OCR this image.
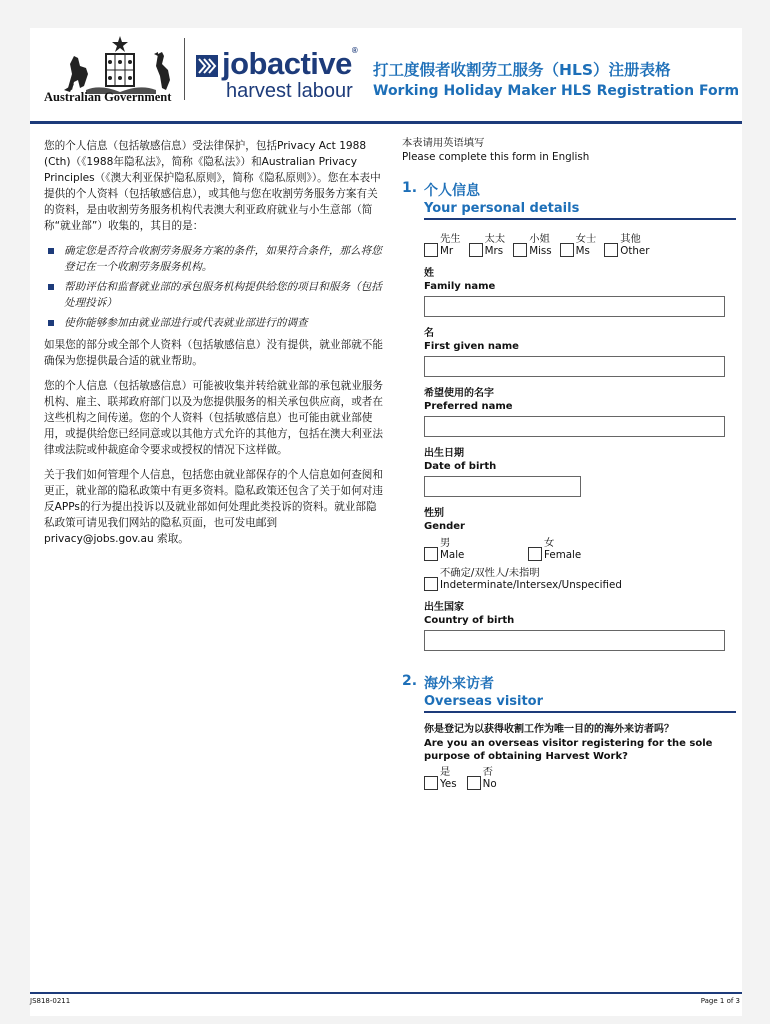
Australian Government
jobactive®
harvest labour
打工度假者收割劳工服务（HLS）注册表格
Working Holiday Maker HLS Registration Form

您的个人信息（包括敏感信息）受法律保护，包括Privacy Act 1988 (Cth)（《1988年隐私法》，简称《隐私法》）和Australian Privacy Principles（《澳大利亚保护隐私原则》，简称《隐私原则》）。您在本表中提供的个人资料（包括敏感信息），或其他与您在收割劳务服务方案有关的资料，是由收割劳务服务机构代表澳大利亚政府就业与小生意部（简称“就业部”）收集的，其目的是：

确定您是否符合收割劳务服务方案的条件，如果符合条件，那么将您登记在一个收割劳务服务机构。
帮助评估和监督就业部的承包服务机构提供给您的项目和服务（包括处理投诉）
使你能够参加由就业部进行或代表就业部进行的调查

如果您的部分或全部个人资料（包括敏感信息）没有提供，就业部就不能确保为您提供最合适的就业帮助。

您的个人信息（包括敏感信息）可能被收集并转给就业部的承包就业服务机构、雇主、联邦政府部门以及为您提供服务的相关承包供应商，或者在这些机构之间传递。您的个人资料（包括敏感信息）也可能由就业部使用，或提供给您已经同意或以其他方式允许的其他方，包括在澳大利亚法律或法院或仲裁庭命令要求或授权的情况下这样做。

关于我们如何管理个人信息，包括您由就业部保存的个人信息如何查阅和更正，就业部的隐私政策中有更多资料。隐私政策还包含了关于如何对违反APPs的行为提出投诉以及就业部如何处理此类投诉的资料。就业部隐私政策可请见我们网站的隐私页面，也可发电邮到 privacy@jobs.gov.au 索取。

本表请用英语填写
Please complete this form in English
1. 个人信息
Your personal details
先生
Mr
太太
Mrs
小姐
Miss
女士
Ms
其他
Other
姓
Family name
名
First given name
希望使用的名字
Preferred name
出生日期
Date of birth
性别
Gender
男
Male
女
Female
不确定/双性人/未指明
Indeterminate/Intersex/Unspecified
出生国家
Country of birth
2. 海外来访者
Overseas visitor
你是登记为以获得收割工作为唯一目的的海外来访者吗？
Are you an overseas visitor registering for the sole purpose of obtaining Harvest Work?
是
Yes
否
No
JS818-0211	Page 1 of 3
